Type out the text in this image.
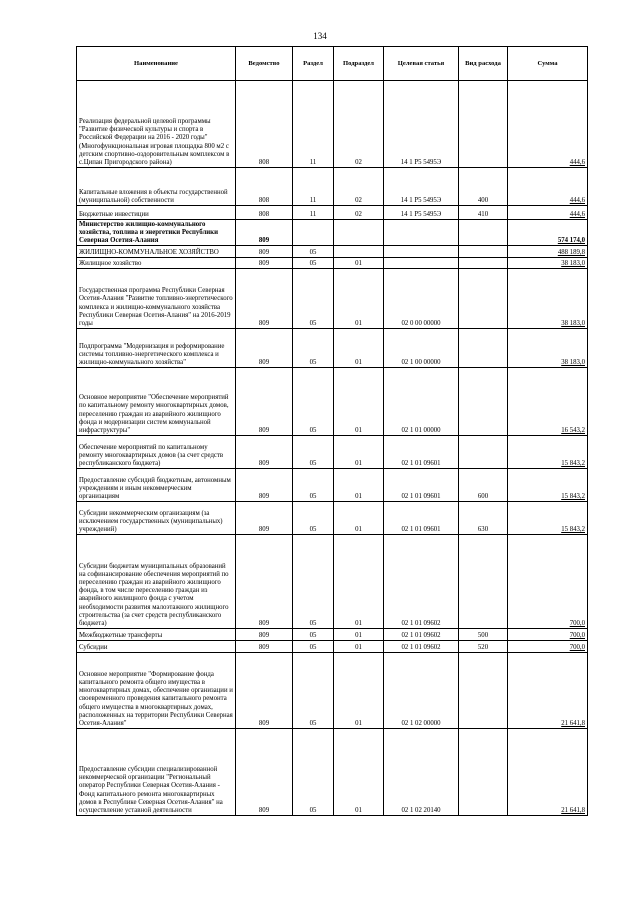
134
Наименование	Ведомство	Раздел	Подраздел	Целевая статья	Вид расхода	Сумма
Реализация федеральной целевой программы "Развитие физической культуры и спорта в Российской Федерации на 2016 - 2020 годы"(Многофункциональная игровая площадка 800 м2 с детским спортивно-оздоровительным комплексом в с.Ципан Пригородского района)	808	11	02	14 1 P5 5495Э		444,6
Капитальные вложения в объекты государственной (муниципальной) собственности	808	11	02	14 1 P5 5495Э	400	444,6
Бюджетные инвестиции	808	11	02	14 1 P5 5495Э	410	444,6
Министерство жилищно-коммунального хозяйства, топлива и энергетики Республики Северная Осетия-Алания	809					574 174,0
ЖИЛИЩНО-КОММУНАЛЬНОЕ ХОЗЯЙСТВО	809	05				488 189,8
Жилищное хозяйство	809	05	01			38 183,0
Государственная программа Республики Северная Осетия-Алания "Развитие топливно-энергетического комплекса и жилищно-коммунального хозяйства Республики Северная Осетия-Алания" на 2016-2019 годы	809	05	01	02 0 00 00000		38 183,0
Подпрограмма "Модернизация и реформирование системы топливно-энергетического комплекса и жилищно-коммунального хозяйства"	809	05	01	02 1 00 00000		38 183,0
Основное мероприятие "Обеспечение мероприятий по капитальному ремонту многоквартирных домов, переселению граждан из аварийного жилищного фонда и модернизации систем коммунальной инфраструктуры"	809	05	01	02 1 01 00000		16 543,2
Обеспечение мероприятий по капитальному ремонту многоквартирных домов (за счет средств республиканского бюджета)	809	05	01	02 1 01 09601		15 843,2
Предоставление субсидий бюджетным, автономным учреждениям и иным некоммерческим организациям	809	05	01	02 1 01 09601	600	15 843,2
Субсидии некоммерческим организациям (за исключением государственных (муниципальных) учреждений)	809	05	01	02 1 01 09601	630	15 843,2
Субсидии бюджетам муниципальных образований на софинансирование обеспечения мероприятий по переселению граждан из аварийного жилищного фонда, в том числе переселению граждан из аварийного жилищного фонда с учетом необходимости развития малоэтажного жилищного строительства (за счет средств республиканского бюджета)	809	05	01	02 1 01 09602		700,0
Межбюджетные трансферты	809	05	01	02 1 01 09602	500	700,0
Субсидии	809	05	01	02 1 01 09602	520	700,0
Основное мероприятие "Формирование фонда капитального ремонта общего имущества в многоквартирных домах, обеспечение организации и своевременного проведения капитального ремонта общего имущества в многоквартирных домах, расположенных на территории Республики Северная Осетия-Алания"	809	05	01	02 1 02 00000		21 641,8
Предоставление субсидии специализированной некоммерческой организации "Региональный оператор Республики Северная Осетия-Алания - Фонд капитального ремонта многоквартирных домов в Республике Северная Осетия-Алания" на осуществление уставной деятельности	809	05	01	02 1 02 20140		21 641,8
